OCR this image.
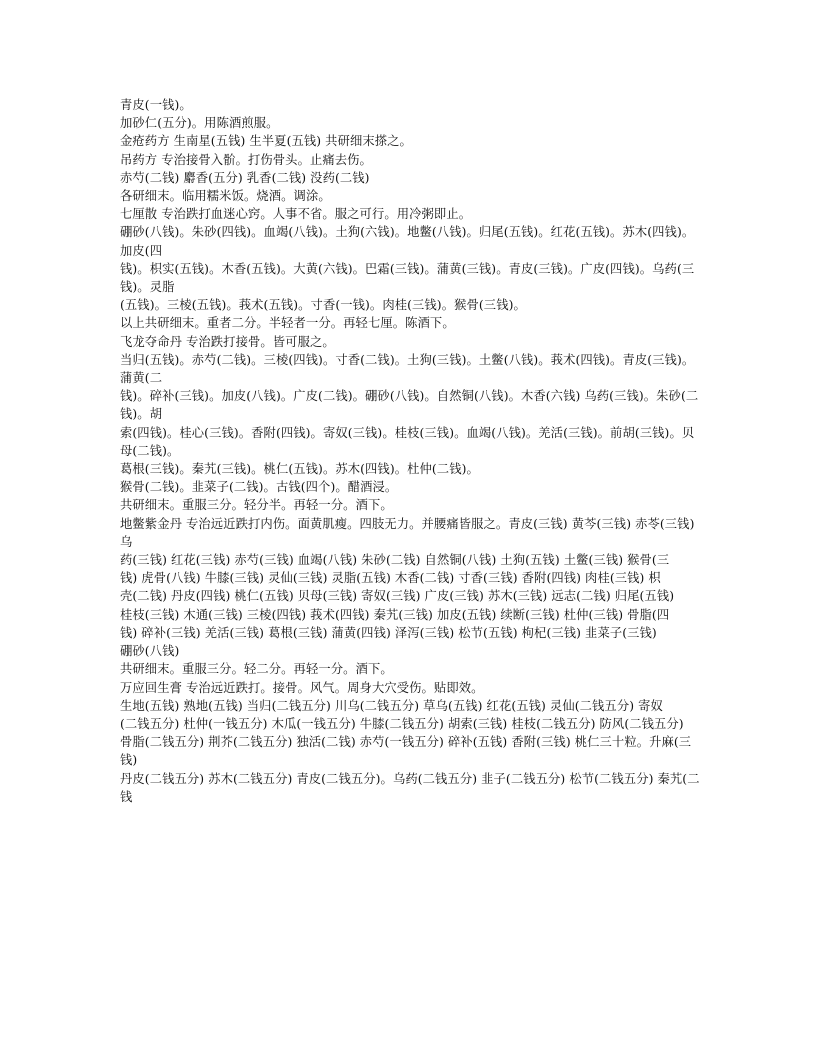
青皮(一钱)。

加砂仁(五分)。用陈酒煎服。

金疮药方 生南星(五钱) 生半夏(五钱) 共研细末搽之。

吊药方 专治接骨入骱。打伤骨头。止痛去伤。

赤芍(二钱) 麝香(五分) 乳香(二钱) 没药(二钱)

各研细末。临用糯米饭。烧酒。调涂。

七厘散 专治跌打血迷心窍。人事不省。服之可行。用冷粥即止。

硼砂(八钱)。朱砂(四钱)。血竭(八钱)。土狗(六钱)。地鳖(八钱)。归尾(五钱)。红花(五钱)。苏木(四钱)。加皮(四

钱)。枳实(五钱)。木香(五钱)。大黄(六钱)。巴霜(三钱)。蒲黄(三钱)。青皮(三钱)。广皮(四钱)。乌药(三钱)。灵脂

(五钱)。三棱(五钱)。莪术(五钱)。寸香(一钱)。肉桂(三钱)。猴骨(三钱)。

以上共研细末。重者二分。半轻者一分。再轻七厘。陈酒下。

飞龙夺命丹 专治跌打接骨。皆可服之。

当归(五钱)。赤芍(二钱)。三棱(四钱)。寸香(二钱)。土狗(三钱)。土鳖(八钱)。莪术(四钱)。青皮(三钱)。蒲黄(二

钱)。碎补(三钱)。加皮(八钱)。广皮(二钱)。硼砂(八钱)。自然铜(八钱)。木香(六钱) 乌药(三钱)。朱砂(二钱)。胡

索(四钱)。桂心(三钱)。香附(四钱)。寄奴(三钱)。桂枝(三钱)。血竭(八钱)。羌活(三钱)。前胡(三钱)。贝母(二钱)。

葛根(三钱)。秦艽(三钱)。桃仁(五钱)。苏木(四钱)。杜仲(二钱)。

猴骨(二钱)。韭菜子(二钱)。古钱(四个)。醋酒浸。

共研细末。重服三分。轻分半。再轻一分。酒下。

地鳖紫金丹 专治远近跌打内伤。面黄肌瘦。四肢无力。并腰痛皆服之。青皮(三钱) 黄芩(三钱) 赤苓(三钱) 乌

药(三钱) 红花(三钱) 赤芍(三钱) 血竭(八钱) 朱砂(二钱) 自然铜(八钱) 土狗(五钱) 土鳖(三钱) 猴骨(三

钱) 虎骨(八钱) 牛膝(三钱) 灵仙(三钱) 灵脂(五钱) 木香(二钱) 寸香(三钱) 香附(四钱) 肉桂(三钱) 枳

壳(二钱) 丹皮(四钱) 桃仁(五钱) 贝母(三钱) 寄奴(三钱) 广皮(三钱) 苏木(三钱) 远志(二钱) 归尾(五钱)

桂枝(三钱) 木通(三钱) 三棱(四钱) 莪术(四钱) 秦艽(三钱) 加皮(五钱) 续断(三钱) 杜仲(三钱) 骨脂(四

钱) 碎补(三钱) 羌活(三钱) 葛根(三钱) 蒲黄(四钱) 泽泻(三钱) 松节(五钱) 枸杞(三钱) 韭菜子(三钱)

硼砂(八钱)

共研细末。重服三分。轻二分。再轻一分。酒下。

万应回生膏 专治远近跌打。接骨。风气。周身大穴受伤。贴即效。

生地(五钱) 熟地(五钱) 当归(二钱五分) 川乌(二钱五分) 草乌(五钱) 红花(五钱) 灵仙(二钱五分) 寄奴

(二钱五分) 杜仲(一钱五分) 木瓜(一钱五分) 牛膝(二钱五分) 胡索(三钱) 桂枝(二钱五分) 防风(二钱五分)

骨脂(二钱五分) 荆芥(二钱五分) 独活(二钱) 赤芍(一钱五分) 碎补(五钱) 香附(三钱) 桃仁三十粒。升麻(三

钱)

丹皮(二钱五分) 苏木(二钱五分) 青皮(二钱五分)。乌药(二钱五分) 韭子(二钱五分) 松节(二钱五分) 秦艽(二钱
